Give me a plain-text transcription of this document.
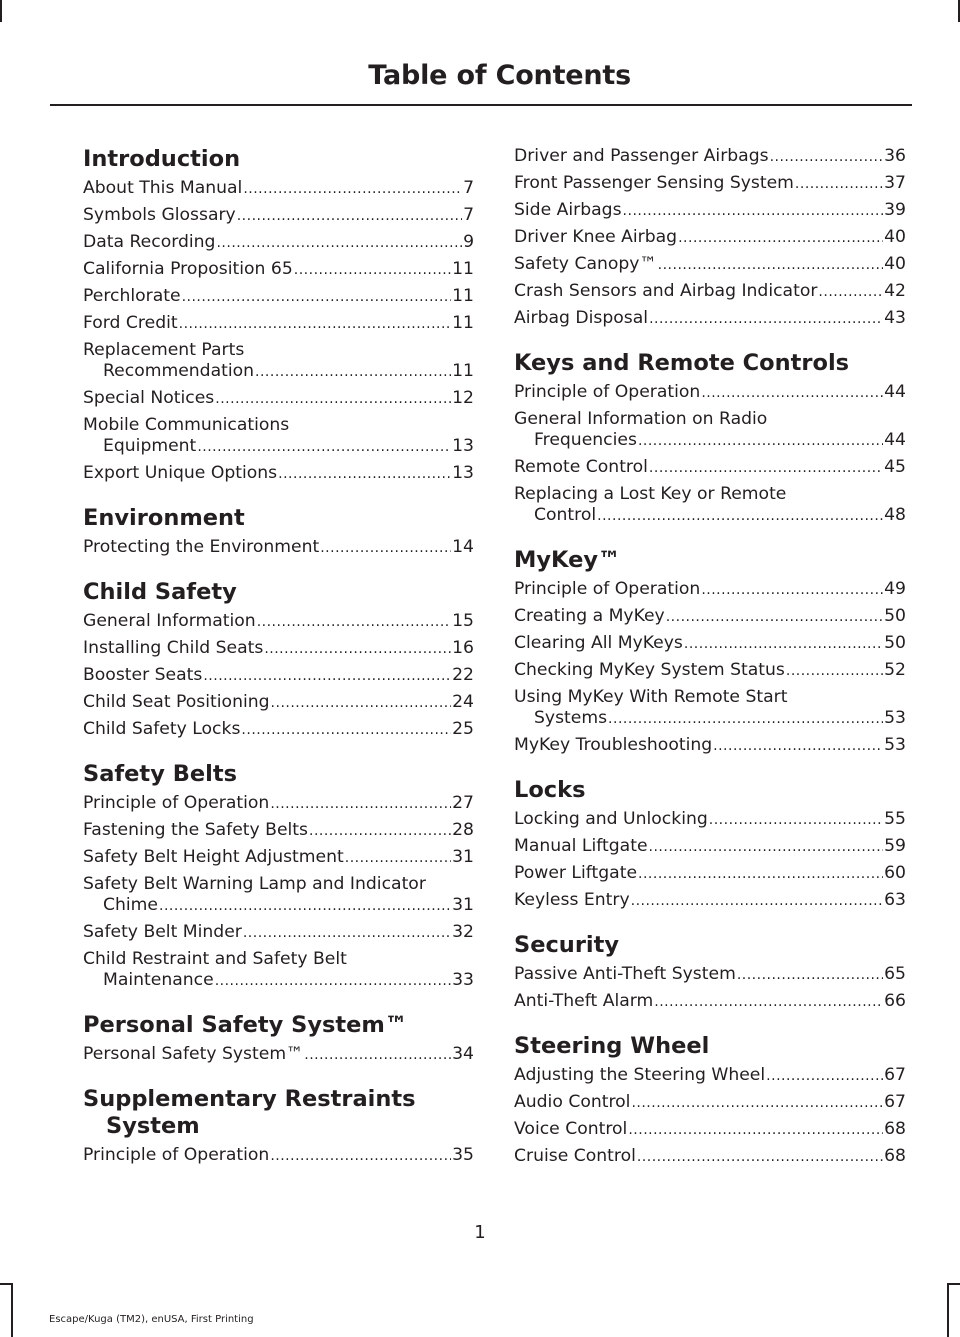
Table of Contents
Introduction
About This Manual .....	7
Symbols Glossary .....	7
Data Recording .....	9
California Proposition 65 .....	11
Perchlorate .....	11
Ford Credit .....	11
Replacement Parts
Recommendation .....	11
Special Notices .....	12
Mobile Communications
Equipment .....	13
Export Unique Options .....	13
Environment
Protecting the Environment .....	14
Child Safety
General Information .....	15
Installing Child Seats .....	16
Booster Seats .....	22
Child Seat Positioning .....	24
Child Safety Locks .....	25
Safety Belts
Principle of Operation .....	27
Fastening the Safety Belts .....	28
Safety Belt Height Adjustment .....	31
Safety Belt Warning Lamp and Indicator
Chime .....	31
Safety Belt Minder .....	32
Child Restraint and Safety Belt
Maintenance .....	33
Personal Safety System™
Personal Safety System™ .....	34
Supplementary Restraints System
Principle of Operation .....	35
Driver and Passenger Airbags .....	36
Front Passenger Sensing System .....	37
Side Airbags .....	39
Driver Knee Airbag .....	40
Safety Canopy™ .....	40
Crash Sensors and Airbag Indicator .....	42
Airbag Disposal .....	43
Keys and Remote Controls
Principle of Operation .....	44
General Information on Radio
Frequencies .....	44
Remote Control .....	45
Replacing a Lost Key or Remote
Control .....	48
MyKey™
Principle of Operation .....	49
Creating a MyKey .....	50
Clearing All MyKeys .....	50
Checking MyKey System Status .....	52
Using MyKey With Remote Start
Systems .....	53
MyKey Troubleshooting .....	53
Locks
Locking and Unlocking .....	55
Manual Liftgate .....	59
Power Liftgate .....	60
Keyless Entry .....	63
Security
Passive Anti-Theft System .....	65
Anti-Theft Alarm .....	66
Steering Wheel
Adjusting the Steering Wheel .....	67
Audio Control .....	67
Voice Control .....	68
Cruise Control .....	68
1
Escape/Kuga (TM2), enUSA, First Printing
